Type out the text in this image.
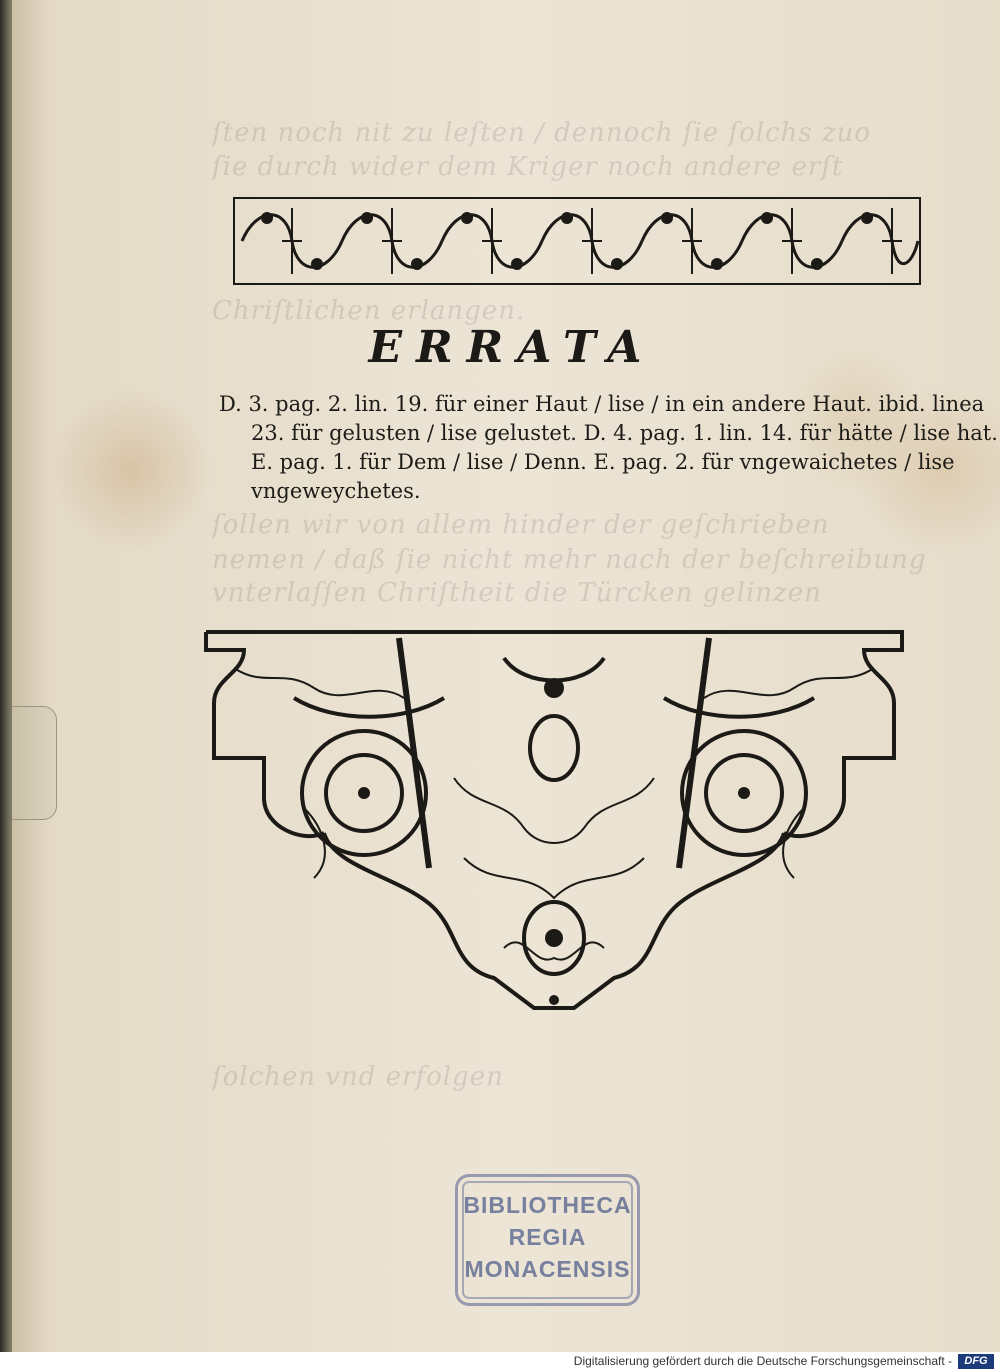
ſten noch nit zu leſten / dennoch ſie ſolchs zuo
ſie durch wider dem Kriger noch andere erſt
Chriſtlichen erlangen.
ſollen wir von allem hinder der geſchrieben
nemen / daß ſie nicht mehr nach der beſchreibung
vnterlaſſen Chriſtheit die Türcken gelinzen
ſolchen vnd erfolgen
ERRATA

D. 3. pag. 2. lin. 19. für einer Haut / lise / in ein andere Haut. ibid. linea

23. für gelusten / lise gelustet. D. 4. pag. 1. lin. 14. für hätte / lise hat.

E. pag. 1. für Dem / lise / Denn. E. pag. 2. für vngewaichetes / lise

vngeweychetes.

BIBLIOTHECA
REGIA
MONACENSIS
Digitalisierung gefördert durch die Deutsche Forschungsgemeinschaft -	DFG
